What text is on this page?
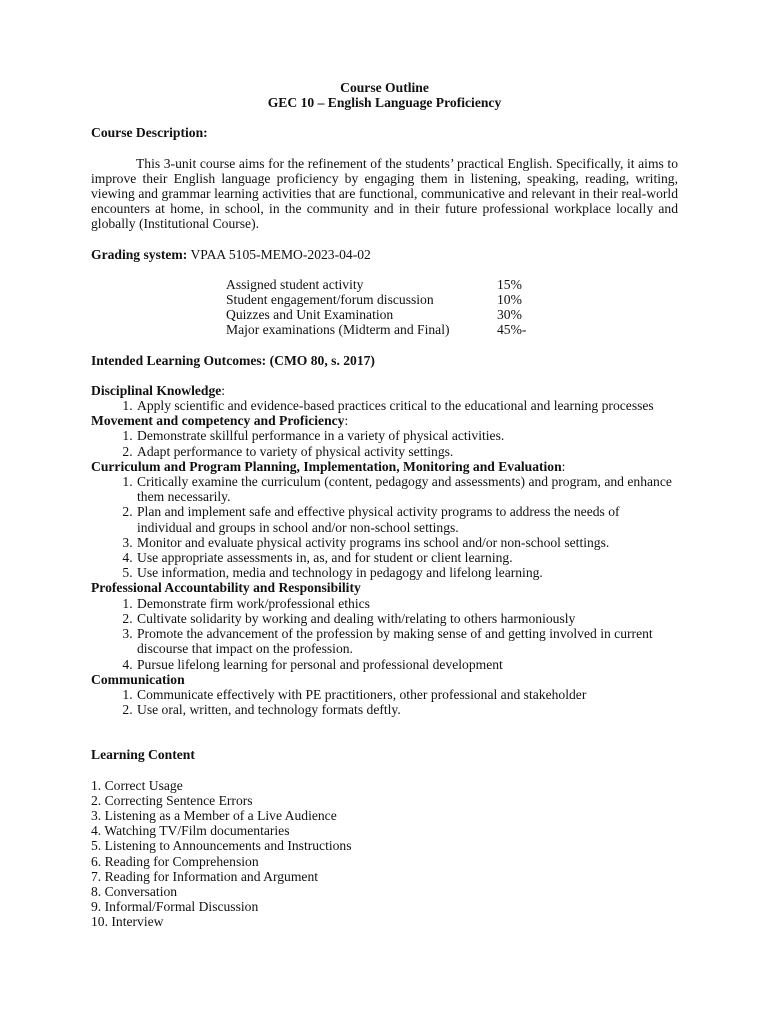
Course Outline
GEC 10 – English Language Proficiency
Course Description:

This 3-unit course aims for the refinement of the students’ practical English. Specifically, it aims to improve their English language proficiency by engaging them in listening, speaking, reading, writing, viewing and grammar learning activities that are functional, communicative and relevant in their real-world encounters at home, in school, in the community and in their future professional workplace locally and globally (Institutional Course).

Grading system: VPAA 5105-MEMO-2023-04-02
Assigned student activity	15%
Student engagement/forum discussion	10%
Quizzes and Unit Examination	30%
Major examinations (Midterm and Final)	45%-
Intended Learning Outcomes: (CMO 80, s. 2017)
Disciplinal Knowledge:
1. Apply scientific and evidence-based practices critical to the educational and learning processes
Movement and competency and Proficiency:
1. Demonstrate skillful performance in a variety of physical activities.
2. Adapt performance to variety of physical activity settings.
Curriculum and Program Planning, Implementation, Monitoring and Evaluation:
1. Critically examine the curriculum (content, pedagogy and assessments) and program, and enhance them necessarily.
2. Plan and implement safe and effective physical activity programs to address the needs of individual and groups in school and/or non-school settings.
3. Monitor and evaluate physical activity programs ins school and/or non-school settings.
4. Use appropriate assessments in, as, and for student or client learning.
5. Use information, media and technology in pedagogy and lifelong learning.
Professional Accountability and Responsibility
1. Demonstrate firm work/professional ethics
2. Cultivate solidarity by working and dealing with/relating to others harmoniously
3. Promote the advancement of the profession by making sense of and getting involved in current discourse that impact on the profession.
4. Pursue lifelong learning for personal and professional development
Communication
1. Communicate effectively with PE practitioners, other professional and stakeholder
2. Use oral, written, and technology formats deftly.
Learning Content
1. Correct Usage
2. Correcting Sentence Errors
3. Listening as a Member of a Live Audience
4. Watching TV/Film documentaries
5. Listening to Announcements and Instructions
6. Reading for Comprehension
7. Reading for Information and Argument
8. Conversation
9. Informal/Formal Discussion
10. Interview
